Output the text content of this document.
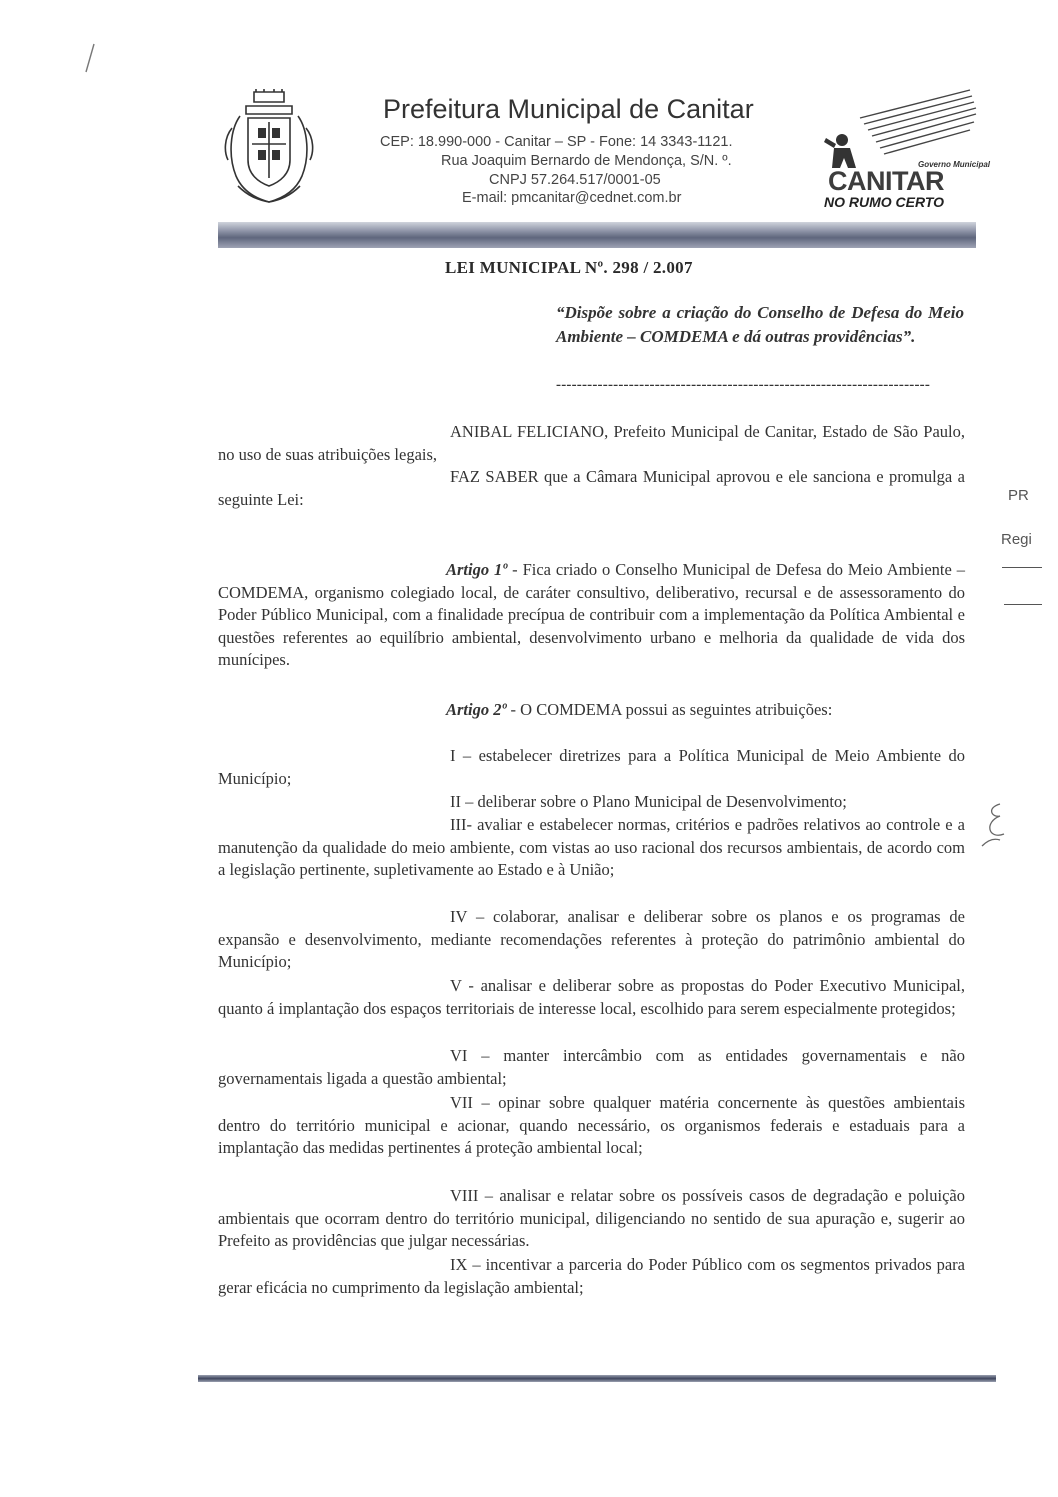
Prefeitura Municipal de Canitar
CEP: 18.990-000 - Canitar – SP - Fone: 14 3343-1121.
Rua Joaquim Bernardo de Mendonça, S/N. º.
CNPJ 57.264.517/0001-05
E-mail: pmcanitar@cednet.com.br
Governo Municipal
CANITAR
NO RUMO CERTO
LEI MUNICIPAL Nº. 298 / 2.007
“Dispõe sobre a criação do Conselho de Defesa do Meio Ambiente – COMDEMA e dá outras providências”.
------------------------------------------------------------------------
ANIBAL FELICIANO, Prefeito Municipal de Canitar, Estado de São Paulo, no uso de suas atribuições legais,
FAZ SABER que a Câmara Municipal aprovou e ele sanciona e promulga a seguinte Lei:
Artigo 1º - Fica criado o Conselho Municipal de Defesa do Meio Ambiente – COMDEMA, organismo colegiado local, de caráter consultivo, deliberativo, recursal e de assessoramento do Poder Público Municipal, com a finalidade precípua de contribuir com a implementação da Política Ambiental e questões referentes ao equilíbrio ambiental, desenvolvimento urbano e melhoria da qualidade de vida dos munícipes.
Artigo 2º - O COMDEMA possui as seguintes atribuições:
I – estabelecer diretrizes para a Política Municipal de Meio Ambiente do Município;
II – deliberar sobre o Plano Municipal de Desenvolvimento;
III- avaliar e estabelecer normas, critérios e padrões relativos ao controle e a manutenção da qualidade do meio ambiente, com vistas ao uso racional dos recursos ambientais, de acordo com a legislação pertinente, supletivamente ao Estado e à União;
IV – colaborar, analisar e deliberar sobre os planos e os programas de expansão e desenvolvimento, mediante recomendações referentes à proteção do patrimônio ambiental do Município;
V - analisar e deliberar sobre as propostas do Poder Executivo Municipal, quanto á implantação dos espaços territoriais de interesse local, escolhido para serem especialmente protegidos;
VI – manter intercâmbio com as entidades governamentais e não governamentais ligada a questão ambiental;
VII – opinar sobre qualquer matéria concernente às questões ambientais dentro do território municipal e acionar, quando necessário, os organismos federais e estaduais para a implantação das medidas pertinentes á proteção ambiental local;
VIII – analisar e relatar sobre os possíveis casos de degradação e poluição ambientais que ocorram dentro do território municipal, diligenciando no sentido de sua apuração e, sugerir ao Prefeito as providências que julgar necessárias.
IX – incentivar a parceria do Poder Público com os segmentos privados para gerar eficácia no cumprimento da legislação ambiental;
PR
Regi
